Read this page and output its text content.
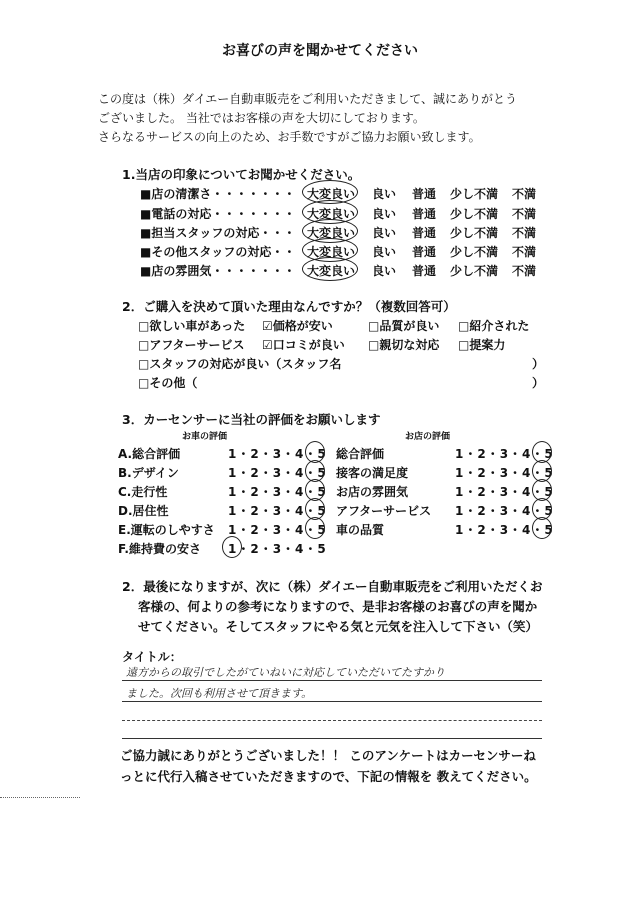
お喜びの声を聞かせてください
この度は（株）ダイエー自動車販売をご利用いただきまして、誠にありがとう
ございました。 当社ではお客様の声を大切にしております。
さらなるサービスの向上のため、お手数ですがご協力お願い致します。
1.当店の印象についてお聞かせください。
■店の清潔さ・・・・・・・ 大変良い 良い 普通 少し不満 不満
■電話の対応・・・・・・・ 大変良い 良い 普通 少し不満 不満
■担当スタッフの対応・・・ 大変良い 良い 普通 少し不満 不満
■その他スタッフの対応・・ 大変良い 良い 普通 少し不満 不満
■店の雰囲気・・・・・・・ 大変良い 良い 普通 少し不満 不満
2．ご購入を決めて頂いた理由なんですか？（複数回答可）
□欲しい車があった ☑価格が安い	□品質が良い □紹介された
□アフターサービス ☑口コミが良い □親切な対応 □提案力
□スタッフの対応が良い（スタッフ名	）
□その他（	）
3．カーセンサーに当社の評価をお願いします
お車の評価	お店の評価
A.総合評価	1・2・3・4・5
B.デザイン	1・2・3・4・5
C.走行性	1・2・3・4・5
D.居住性	1・2・3・4・5
E.運転のしやすさ 1・2・3・4・5
F.維持費の安さ 1・2・3・4・5
総合評価	1・2・3・4・5
接客の満足度	1・2・3・4・5
お店の雰囲気	1・2・3・4・5
アフターサービス 1・2・3・4・5
車の品質	1・2・3・4・5
2．最後になりますが、次に（株）ダイエー自動車販売をご利用いただくお
客様の、何よりの参考になりますので、是非お客様のお喜びの声を聞か
せてください。そしてスタッフにやる気と元気を注入して下さい（笑）
タイトル：
遠方からの取引でしたがていねいに対応していただいてたすかり
ました。次回も利用させて頂きます。
ご協力誠にありがとうございました！！ このアンケートはカーセンサーね
っとに代行入稿させていただきますので、下記の情報を 教えてください。
